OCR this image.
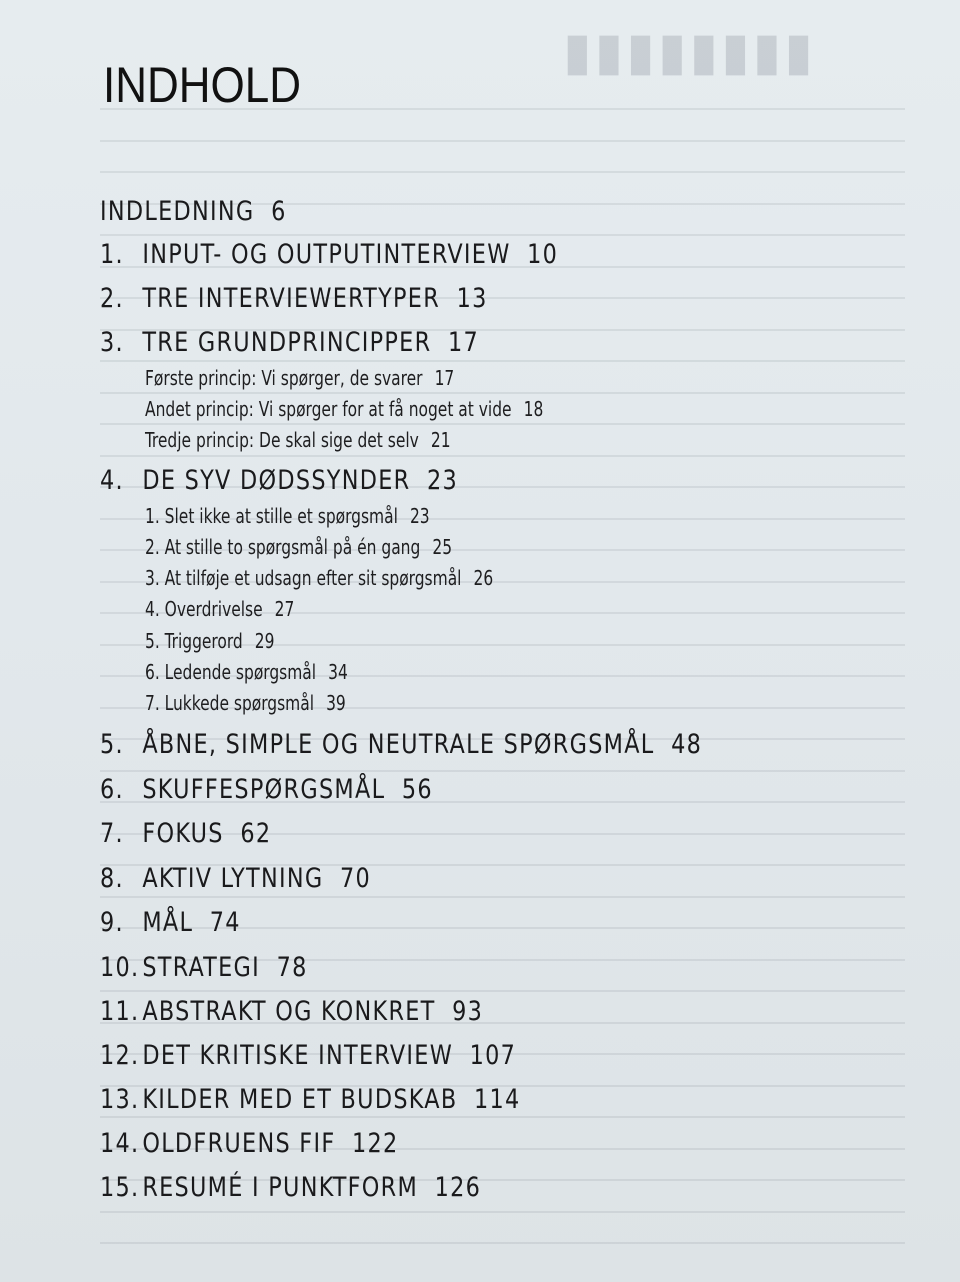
▮▮▮▮▮▮▮▮
INDHOLD
INDLEDNING 6
1. INPUT- OG OUTPUTINTERVIEW 10
2. TRE INTERVIEWERTYPER 13
3. TRE GRUNDPRINCIPPER 17
Første princip: Vi spørger, de svarer 17
Andet princip: Vi spørger for at få noget at vide 18
Tredje princip: De skal sige det selv 21
4. DE SYV DØDSSYNDER 23
1. Slet ikke at stille et spørgsmål 23
2. At stille to spørgsmål på én gang 25
3. At tilføje et udsagn efter sit spørgsmål 26
4. Overdrivelse 27
5. Triggerord 29
6. Ledende spørgsmål 34
7. Lukkede spørgsmål 39
5. ÅBNE, SIMPLE OG NEUTRALE SPØRGSMÅL 48
6. SKUFFESPØRGSMÅL 56
7. FOKUS 62
8. AKTIV LYTNING 70
9. MÅL 74
10. STRATEGI 78
11. ABSTRAKT OG KONKRET 93
12. DET KRITISKE INTERVIEW 107
13. KILDER MED ET BUDSKAB 114
14. OLDFRUENS FIF 122
15. RESUMÉ I PUNKTFORM 126
